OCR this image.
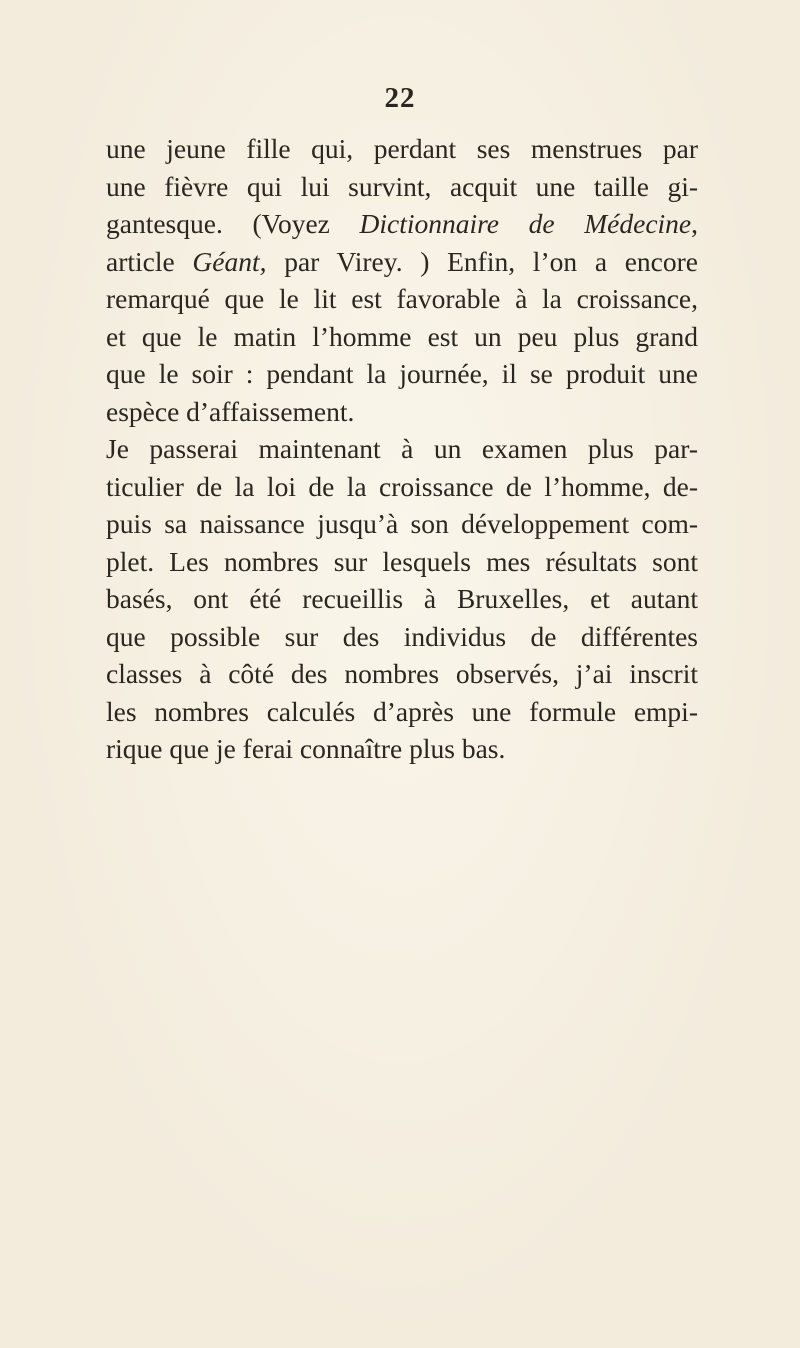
22
une jeune fille qui, perdant ses menstrues par
une fièvre qui lui survint, acquit une taille gi-
gantesque. (Voyez Dictionnaire de Médecine,
article Géant, par Virey. ) Enfin, l’on a encore
remarqué que le lit est favorable à la croissance,
et que le matin l’homme est un peu plus grand
que le soir : pendant la journée, il se produit une
espèce d’affaissement.
Je passerai maintenant à un examen plus par-
ticulier de la loi de la croissance de l’homme, de-
puis sa naissance jusqu’à son développement com-
plet. Les nombres sur lesquels mes résultats sont
basés, ont été recueillis à Bruxelles, et autant
que possible sur des individus de différentes
classes à côté des nombres observés, j’ai inscrit
les nombres calculés d’après une formule empi-
rique que je ferai connaître plus bas.
